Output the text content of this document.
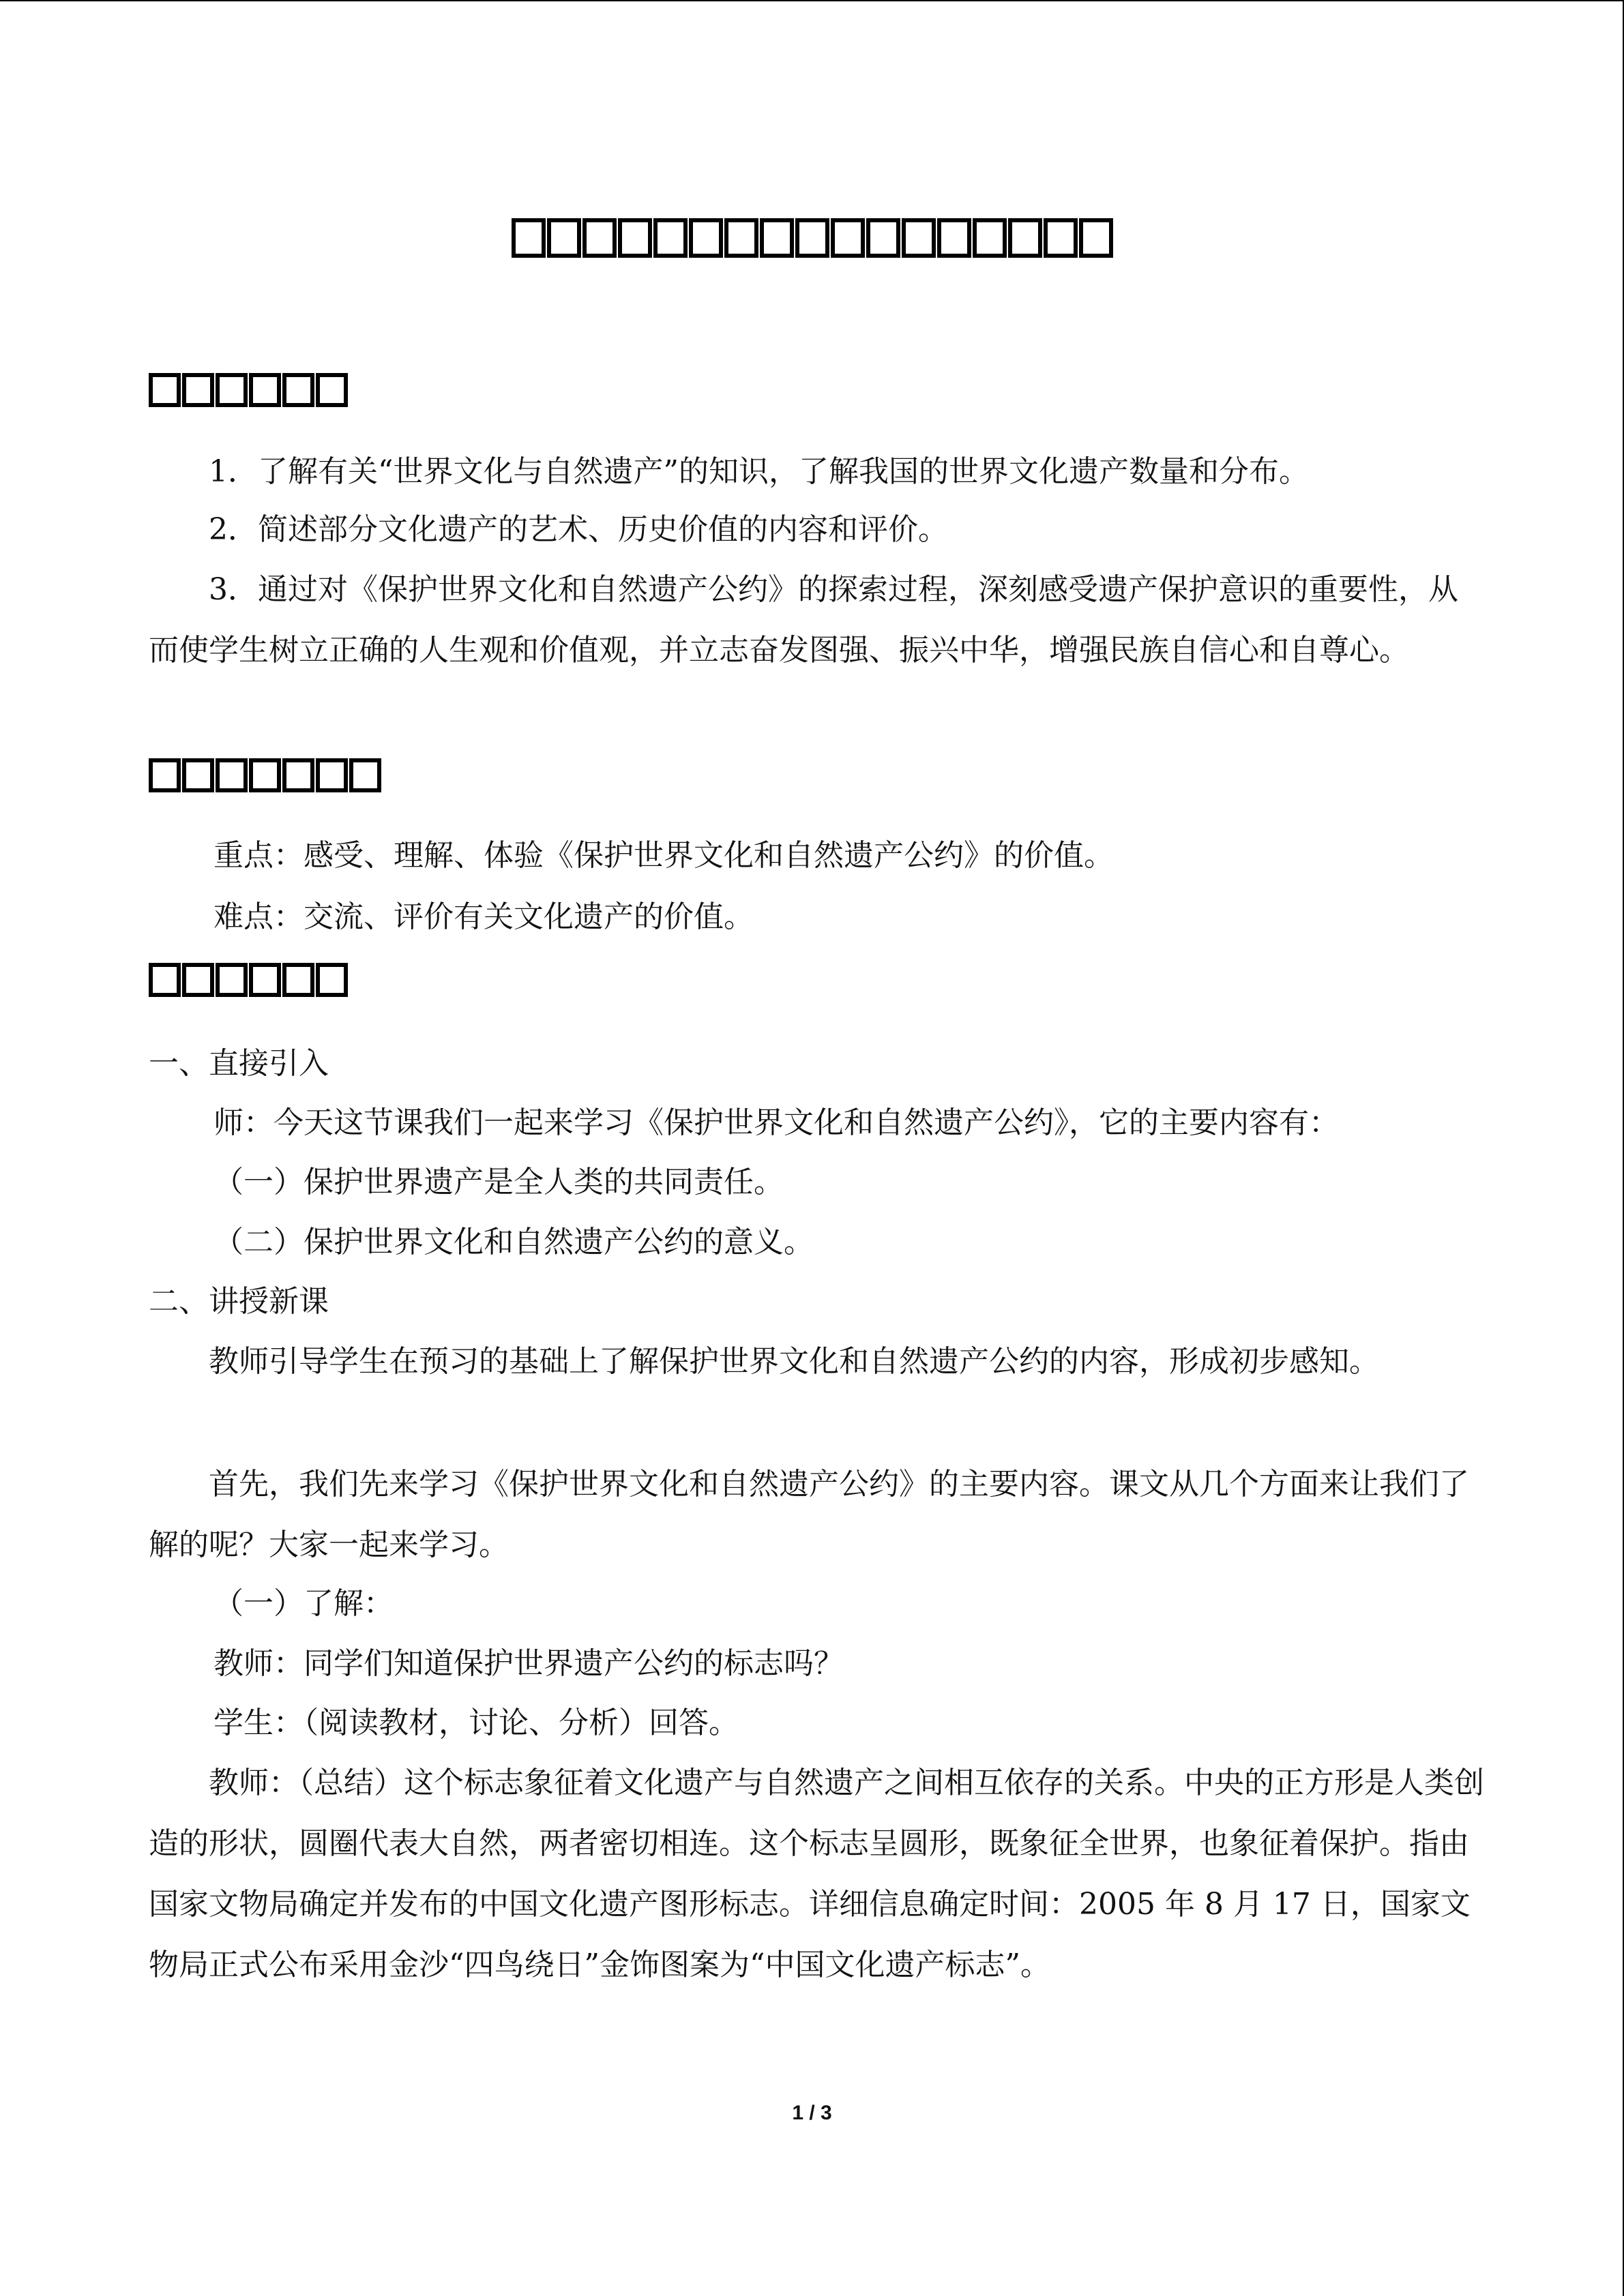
1．了解有关“世界文化与自然遗产”的知识，了解我国的世界文化遗产数量和分布。

2．简述部分文化遗产的艺术、历史价值的内容和评价。

3．通过对《保护世界文化和自然遗产公约》的探索过程，深刻感受遗产保护意识的重要性，从而使学生树立正确的人生观和价值观，并立志奋发图强、振兴中华，增强民族自信心和自尊心。

重点：感受、理解、体验《保护世界文化和自然遗产公约》的价值。

难点：交流、评价有关文化遗产的价值。

一、直接引入

师：今天这节课我们一起来学习《保护世界文化和自然遗产公约》，它的主要内容有：

（一）保护世界遗产是全人类的共同责任。

（二）保护世界文化和自然遗产公约的意义。

二、讲授新课

教师引导学生在预习的基础上了解保护世界文化和自然遗产公约的内容，形成初步感知。

首先，我们先来学习《保护世界文化和自然遗产公约》的主要内容。课文从几个方面来让我们了解的呢？大家一起来学习。

（一）了解：

教师：同学们知道保护世界遗产公约的标志吗？

学生：（阅读教材，讨论、分析）回答。

教师：（总结）这个标志象征着文化遗产与自然遗产之间相互依存的关系。中央的正方形是人类创造的形状，圆圈代表大自然，两者密切相连。这个标志呈圆形，既象征全世界，也象征着保护。指由国家文物局确定并发布的中国文化遗产图形标志。详细信息确定时间：2005 年 8 月 17 日，国家文物局正式公布采用金沙“四鸟绕日”金饰图案为“中国文化遗产标志”。

1 / 3
